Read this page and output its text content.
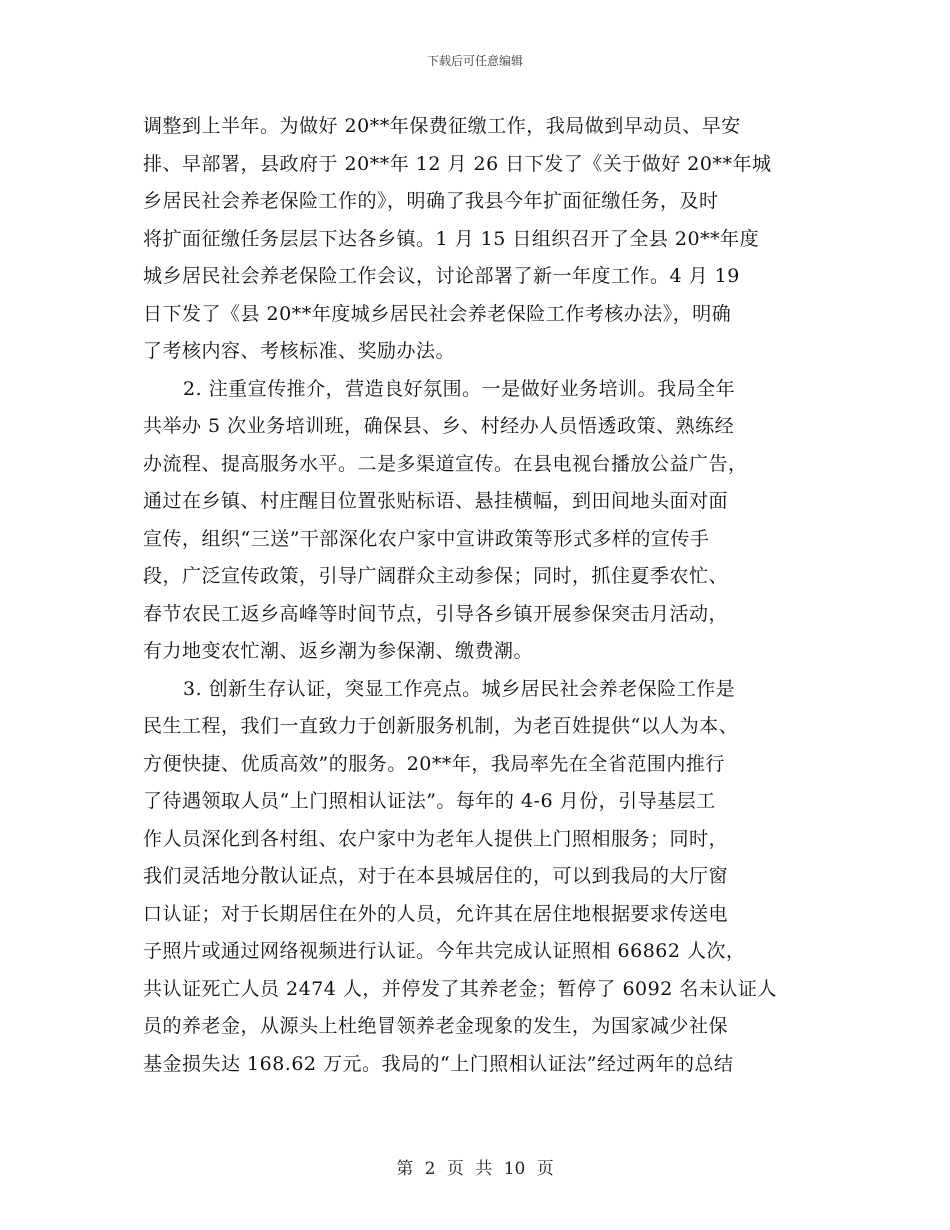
下载后可任意编辑
调整到上半年。为做好 20**年保费征缴工作，我局做到早动员、早安
排、早部署，县政府于 20**年 12 月 26 日下发了《关于做好 20**年城
乡居民社会养老保险工作的》，明确了我县今年扩面征缴任务，及时
将扩面征缴任务层层下达各乡镇。1 月 15 日组织召开了全县 20**年度
城乡居民社会养老保险工作会议，讨论部署了新一年度工作。4 月 19
日下发了《县 20**年度城乡居民社会养老保险工作考核办法》，明确
了考核内容、考核标准、奖励办法。
2. 注重宣传推介，营造良好氛围。一是做好业务培训。我局全年
共举办 5 次业务培训班，确保县、乡、村经办人员悟透政策、熟练经
办流程、提高服务水平。二是多渠道宣传。在县电视台播放公益广告，
通过在乡镇、村庄醒目位置张贴标语、悬挂横幅，到田间地头面对面
宣传，组织“三送”干部深化农户家中宣讲政策等形式多样的宣传手
段，广泛宣传政策，引导广阔群众主动参保；同时，抓住夏季农忙、
春节农民工返乡高峰等时间节点，引导各乡镇开展参保突击月活动，
有力地变农忙潮、返乡潮为参保潮、缴费潮。
3. 创新生存认证，突显工作亮点。城乡居民社会养老保险工作是
民生工程，我们一直致力于创新服务机制，为老百姓提供“以人为本、
方便快捷、优质高效”的服务。20**年，我局率先在全省范围内推行
了待遇领取人员“上门照相认证法”。每年的 4-6 月份，引导基层工
作人员深化到各村组、农户家中为老年人提供上门照相服务；同时，
我们灵活地分散认证点，对于在本县城居住的，可以到我局的大厅窗
口认证；对于长期居住在外的人员，允许其在居住地根据要求传送电
子照片或通过网络视频进行认证。今年共完成认证照相 66862 人次，
共认证死亡人员 2474 人，并停发了其养老金；暂停了 6092 名未认证人
员的养老金，从源头上杜绝冒领养老金现象的发生，为国家减少社保
基金损失达 168.62 万元。我局的“上门照相认证法”经过两年的总结
第 2 页 共 10 页
